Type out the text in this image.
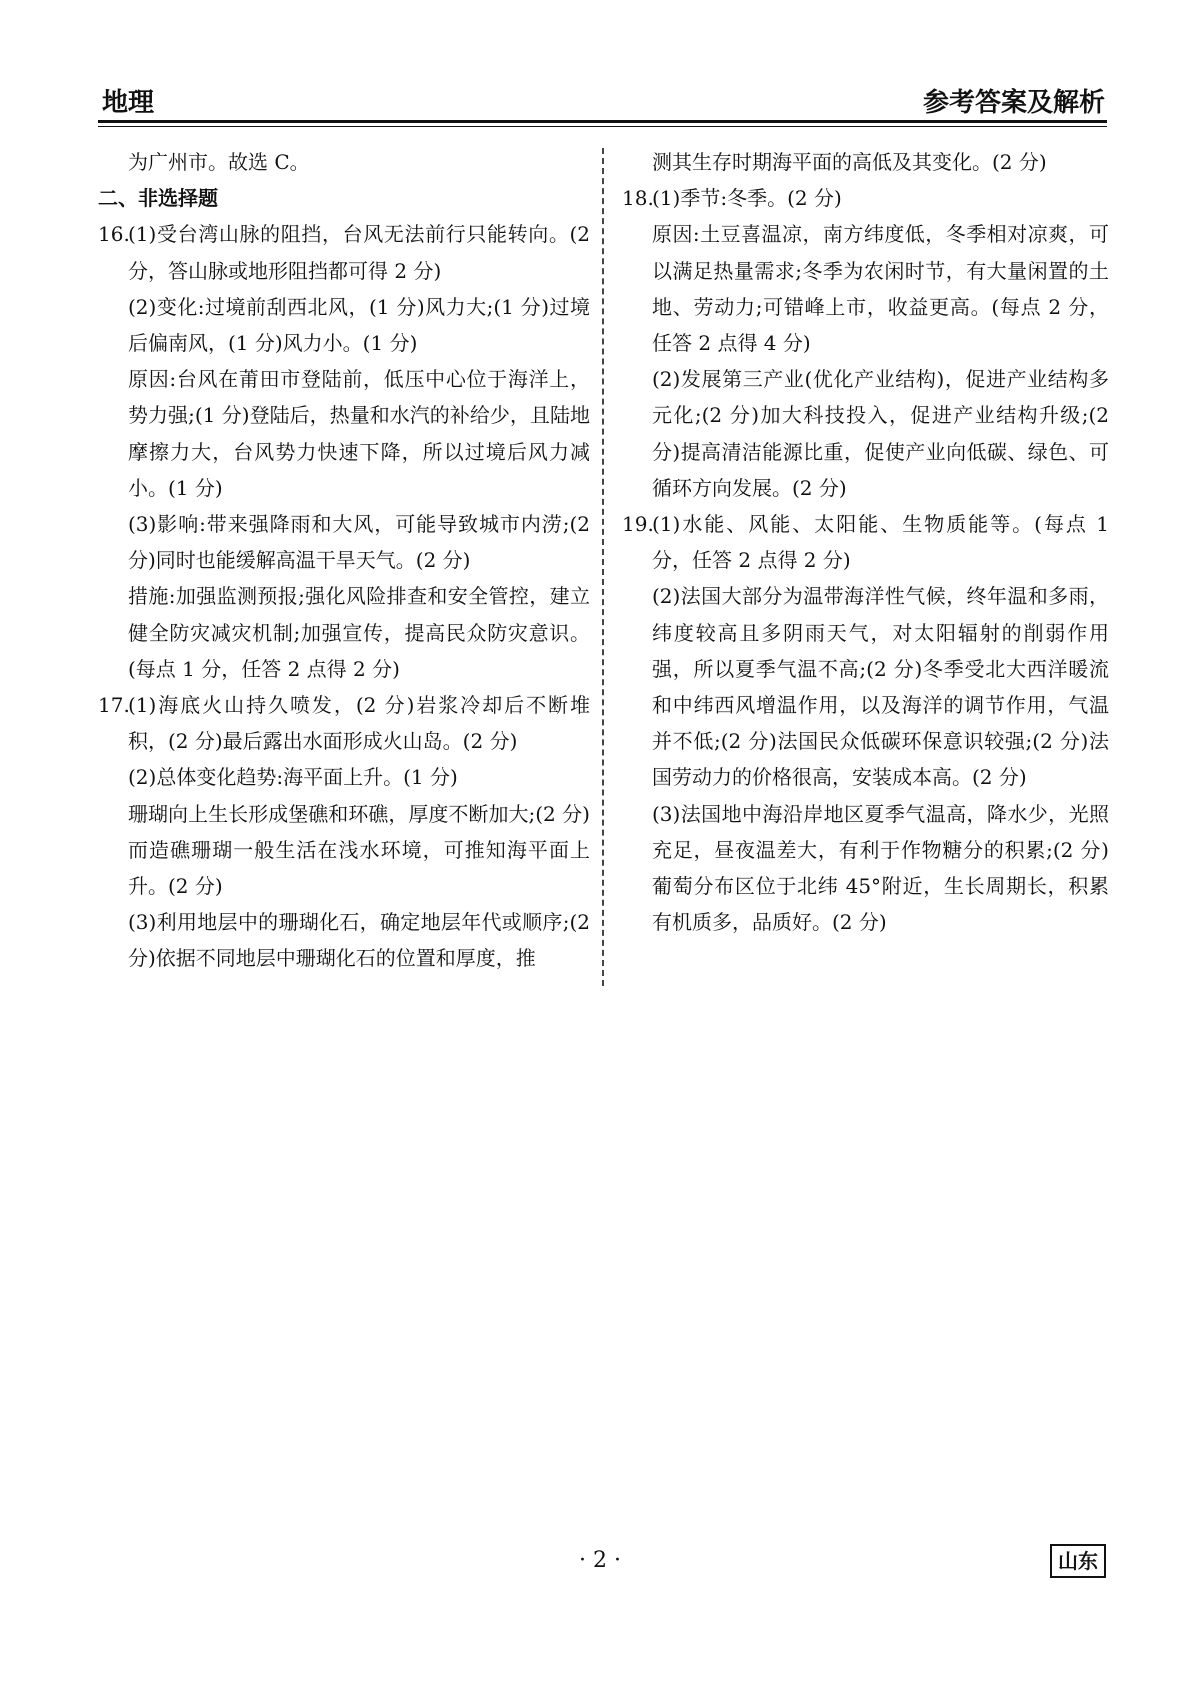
地理	参考答案及解析

为广州市。故选 C。

二、非选择题

16.
(1)受台湾山脉的阻挡，台风无法前行只能转向。(2 分，答山脉或地形阻挡都可得 2 分)

(2)变化:过境前刮西北风，(1 分)风力大;(1 分)过境后偏南风，(1 分)风力小。(1 分)

原因:台风在莆田市登陆前，低压中心位于海洋上，势力强;(1 分)登陆后，热量和水汽的补给少，且陆地摩擦力大，台风势力快速下降，所以过境后风力减小。(1 分)

(3)影响:带来强降雨和大风，可能导致城市内涝;(2 分)同时也能缓解高温干旱天气。(2 分)

措施:加强监测预报;强化风险排查和安全管控，建立健全防灾减灾机制;加强宣传，提高民众防灾意识。(每点 1 分，任答 2 点得 2 分)

17.
(1)海底火山持久喷发，(2 分)岩浆冷却后不断堆积，(2 分)最后露出水面形成火山岛。(2 分)

(2)总体变化趋势:海平面上升。(1 分)

珊瑚向上生长形成堡礁和环礁，厚度不断加大;(2 分)而造礁珊瑚一般生活在浅水环境，可推知海平面上升。(2 分)

(3)利用地层中的珊瑚化石，确定地层年代或顺序;(2 分)依据不同地层中珊瑚化石的位置和厚度，推

测其生存时期海平面的高低及其变化。(2 分)

18.
(1)季节:冬季。(2 分)

原因:土豆喜温凉，南方纬度低，冬季相对凉爽，可以满足热量需求;冬季为农闲时节，有大量闲置的土地、劳动力;可错峰上市，收益更高。(每点 2 分，任答 2 点得 4 分)

(2)发展第三产业(优化产业结构)，促进产业结构多元化;(2 分)加大科技投入，促进产业结构升级;(2 分)提高清洁能源比重，促使产业向低碳、绿色、可循环方向发展。(2 分)

19.
(1)水能、风能、太阳能、生物质能等。(每点 1 分，任答 2 点得 2 分)

(2)法国大部分为温带海洋性气候，终年温和多雨，纬度较高且多阴雨天气，对太阳辐射的削弱作用强，所以夏季气温不高;(2 分)冬季受北大西洋暖流和中纬西风增温作用，以及海洋的调节作用，气温并不低;(2 分)法国民众低碳环保意识较强;(2 分)法国劳动力的价格很高，安装成本高。(2 分)

(3)法国地中海沿岸地区夏季气温高，降水少，光照充足，昼夜温差大，有利于作物糖分的积累;(2 分)葡萄分布区位于北纬 45°附近，生长周期长，积累有机质多，品质好。(2 分)

· 2 ·	山东
